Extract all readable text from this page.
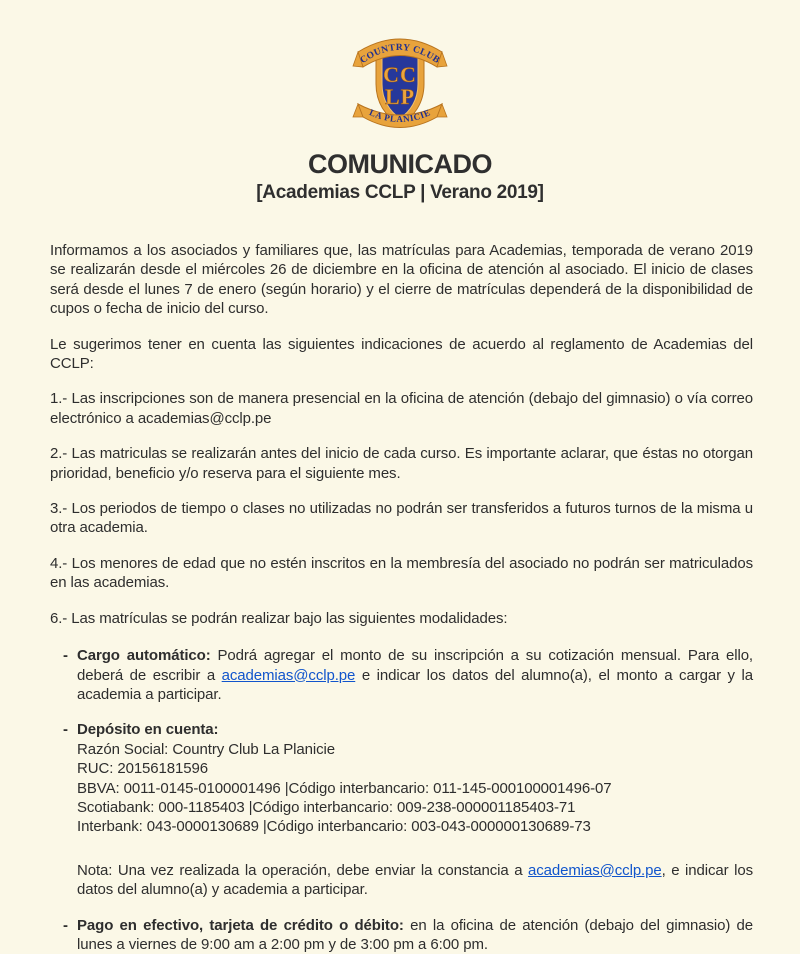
CC
LP
COUNTRY CLUB
LA PLANICIE
COMUNICADO
[Academias CCLP | Verano 2019]

Informamos a los asociados y familiares que, las matrículas para Academias, temporada de verano 2019 se realizarán desde el miércoles 26 de diciembre en la oficina de atención al asociado. El inicio de clases será desde el lunes 7 de enero (según horario) y el cierre de matrículas dependerá de la disponibilidad de cupos o fecha de inicio del curso.

Le sugerimos tener en cuenta las siguientes indicaciones de acuerdo al reglamento de Academias del CCLP:

1.- Las inscripciones son de manera presencial en la oficina de atención (debajo del gimnasio) o vía correo electrónico a academias@cclp.pe

2.- Las matriculas se realizarán antes del inicio de cada curso. Es importante aclarar, que éstas no otorgan prioridad, beneficio y/o reserva para el siguiente mes.

3.- Los periodos de tiempo o clases no utilizadas no podrán ser transferidos a futuros turnos de la misma u otra academia.

4.- Los menores de edad que no estén inscritos en la membresía del asociado no podrán ser matriculados en las academias.

6.- Las matrículas se podrán realizar bajo las siguientes modalidades:

- Cargo automático: Podrá agregar el monto de su inscripción a su cotización mensual. Para ello, deberá de escribir a academias@cclp.pe e indicar los datos del alumno(a), el monto a cargar y la academia a participar.

- Depósito en cuenta:

Razón Social: Country Club La Planicie
RUC: 20156181596
BBVA: 0011-0145-0100001496 |Código interbancario: 011-145-000100001496-07
Scotiabank: 000-1185403 |Código interbancario: 009-238-000001185403-71
Interbank: 043-0000130689 |Código interbancario: 003-043-000000130689-73

Nota: Una vez realizada la operación, debe enviar la constancia a academias@cclp.pe, e indicar los datos del alumno(a) y academia a participar.

- Pago en efectivo, tarjeta de crédito o débito: en la oficina de atención (debajo del gimnasio) de lunes a viernes de 9:00 am a 2:00 pm y de 3:00 pm a 6:00 pm.
